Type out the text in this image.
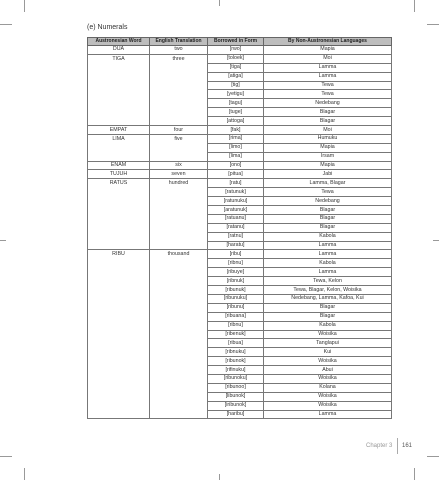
(e) Numerals
Austronesian Word	English Translation	Borrowed in Form	By Non-Austronesian Languages
DUA	two	[rwo]	Mapia
TIGA	three	[toloek]	Moi
		[tiga]	Lamma
		[atiga]	Lamma
		[tig]	Tewa
		[yetigu]	Tewa
		[tagu]	Nedebang
		[tuge]	Blagar
		[attoga]	Blagar
EMPAT	four	[fak]	Moi
LIMA	five	[rima]	Humuku
		[limo]	Mapia
		[lima]	Irsam
ENAM	six	[ono]	Mapia
TUJUH	seven	[pitua]	Jabi
RATUS	hundred	[ratu]	Lamma, Blagar
		[ratunuk]	Tewa
		[ratunuku]	Nedebang
		[aratunuk]	Blagar
		[ratuanu]	Blagar
		[ratanu]	Blagar
		[ratnu]	Kabola
		[haratu]	Lamma
RIBU	thousand	[ribu]	Lamma
		[ribnu]	Kabola
		[ribuye]	Lamma
		[ribnuk]	Tewa, Kelon
		[ribunuk]	Tewa, Blagar, Kelon, Woisika
		[ribunuku]	Nedebang, Lamma, Kafoa, Kui
		[ribunu]	Blagar
		[ribuana]	Blagar
		[ribnu]	Kabola
		[ribenuk]	Woisika
		[ribua]	Tanglapui
		[ribnuku]	Kui
		[ribunok]	Woisika
		[rifinuku]	Abui
		[ribunoku]	Woisika
		[ribunoo]	Kolana
		[libunok]	Woisika
		[iribunok]	Woisika
		[haribu]	Lamma
Chapter 3 161
